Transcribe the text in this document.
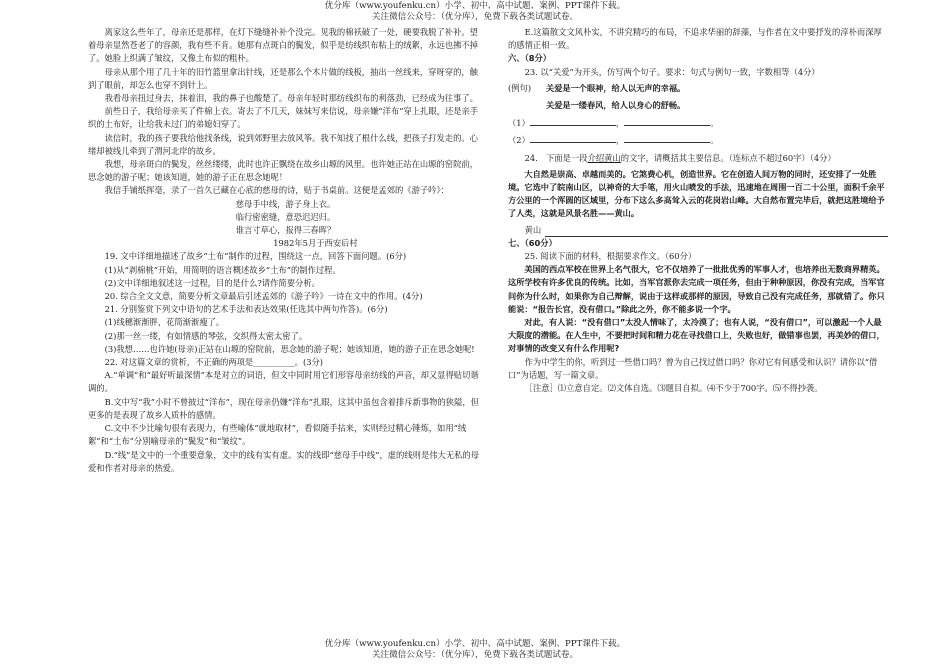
优分库（www.youfenku.cn）小学、初中、高中试题、案例、PPT课件下载。
关注微信公众号：（优分库），免费下载各类试题试卷。

离家这么些年了，母亲还是那样，在灯下缝缝补补个没完。见我的棉袄破了一处，硬要我脱了补补。望着母亲显然苍老了的容颜，我有些不肯。她那有点斑白的鬓发，似乎是纺线织布粘上的绒絮，永远也拂不掉了。她脸上织满了皱纹，又像土布似的粗朴。

母亲从那个用了几十年的旧竹篮里拿出针线，还是那么个木片做的线板，抽出一丝线来，穿呀穿的，触到了眼前，却怎么也穿不到针上。

我看母亲扭过身去，抹着泪，我的鼻子也酸楚了。母亲年轻时那纺线织布的利落劲，已经成为往事了。

前些日子，我给母亲买了件棉上衣。寄去了不几天，妹妹写来信说，母亲嫌“洋布”穿上扎眼，还是亲手织的土布好，让给我未过门的弟媳妇穿了。

读信时，我的孩子要我给他找条线，说到郊野里去放风筝。我不知找了根什么线，把孩子打发走的。心绪却被线儿牵到了渭河北岸的故乡。

我想，母亲斑白的鬓发，丝丝缕缕，此时也许正飘绕在故乡山塬的风里。也许她正站在山塬的窑院前，思念她的游子呢；她该知道，她的游子正在思念她呢！

我信手铺纸挥毫，录了一首久已藏在心底的慈母的诗，贴于书桌前。这便是孟郊的《游子吟》：

慈母手中线，游子身上衣。

临行密密缝，意恐迟迟归。

谁言寸草心，报得三春晖？

1982年5月于西安后村

19. 文中详细地描述了故乡“土布”制作的过程，围绕这一点，回答下面问题。(6分)

(1)从“剥棉桃”开始，用简明的语言概述故乡“土布”的制作过程。

(2)文中详细地叙述这一过程，目的是什么?请作简要分析。

20. 综合全文文意，简要分析文章最后引述孟郊的《游子吟》一诗在文中的作用。(4分)

21. 分别鉴赏下列文中语句的艺术手法和表达效果(任选其中两句作答)。(6分)

(1)线穗渐渐胖，花筒渐渐瘦了。

(2)那一丝一缕，有如情感的琴弦，交织得太密太密了。

(3)我想……也许她(母亲)正站在山塬的窑院前，思念她的游子呢；她该知道，她的游子正在思念她呢!

22. 对这篇文章的赏析，不正确的两项是__________。(3分)

A.“单调”和“最好听最深情”本是对立的词语，但文中同时用它们形容母亲纺线的声音，却又显得贴切谐调的。

B.文中写“我”小时不曾披过“洋布”，现在母亲仍嫌“洋布”扎眼，这其中虽包含着排斥新事物的狭隘，但更多的是表现了故乡人质朴的感情。

C.文中不少比喻句很有表现力，有些喻体“就地取材”，看似随手拈来，实则经过精心锤炼，如用“绒絮”和“土布”分别喻母亲的“鬓发”和“皱纹”。

D.“线”是文中的一个重要意象，文中的线有实有虚。实的线即“慈母手中线”，虚的线则是伟大无私的母爱和作者对母亲的热爱。

E.这篇散文文风朴实，不讲究精巧的布局，不追求华丽的辞藻，与作者在文中要抒发的淳朴而深厚的感情正相一致。

六、（8分）

23. 以“关爱”为开头，仿写两个句子。要求：句式与例句一致，字数相等（4分）

(例句)	关爱是一个眼神，给人以无声的幸福。
关爱是一缕春风，给人以身心的舒畅。

（1）	，	。

（2）	，	。

24.　下面是一段介绍黄山的文字，请概括其主要信息。（连标点不超过60字）（4分）

大自然是崇高、卓越而美的。它煞费心机，创造世界。它在创造人间万物的同时，还安排了一处胜境。它选中了皖南山区，以神奇的大手笔，用火山喷发的手法，迅速地在周围一百二十公里，面积千余平方公里的一个浑圆的区域里，分布下这么多高耸入云的花岗岩山峰。大自然布置完毕后，就把这胜境给予了人类，这就是风景名胜——黄山。

黄山

七、（60分）

25. 阅读下面的材料，根据要求作文。（60分）

美国的西点军校在世界上名气很大，它不仅培养了一批批优秀的军事人才，也培养出无数商界精英。这所学校有许多优良的传统。比如，当军官派你去完成一项任务，但由于种种原因，你没有完成，当军官问你为什么时，如果你为自己辩解，说由于这样或那样的原因，导致自己没有完成任务，那就错了。你只能说：“报告长官，没有借口。”除此之外，你不能多说一个字。

对此，有人说：“没有借口”太没人情味了，太冷漠了；也有人说，“没有借口”，可以激起一个人最大限度的潜能。在人生中，不要把时间和精力花在寻找借口上，失败也好，做错事也罢，再美妙的借口，对事情的改变又有什么作用呢?

作为中学生的你，听到过一些借口吗？曾为自己找过借口吗？你对它有何感受和认识？请你以“借口”为话题，写一篇文章。

［注意］⑴立意自定。⑵文体自选。⑶题目自拟。⑷不少于700字。⑸不得抄袭。

优分库（www.youfenku.cn）小学、初中、高中试题、案例、PPT课件下载。
关注微信公众号：（优分库），免费下载各类试题试卷。
